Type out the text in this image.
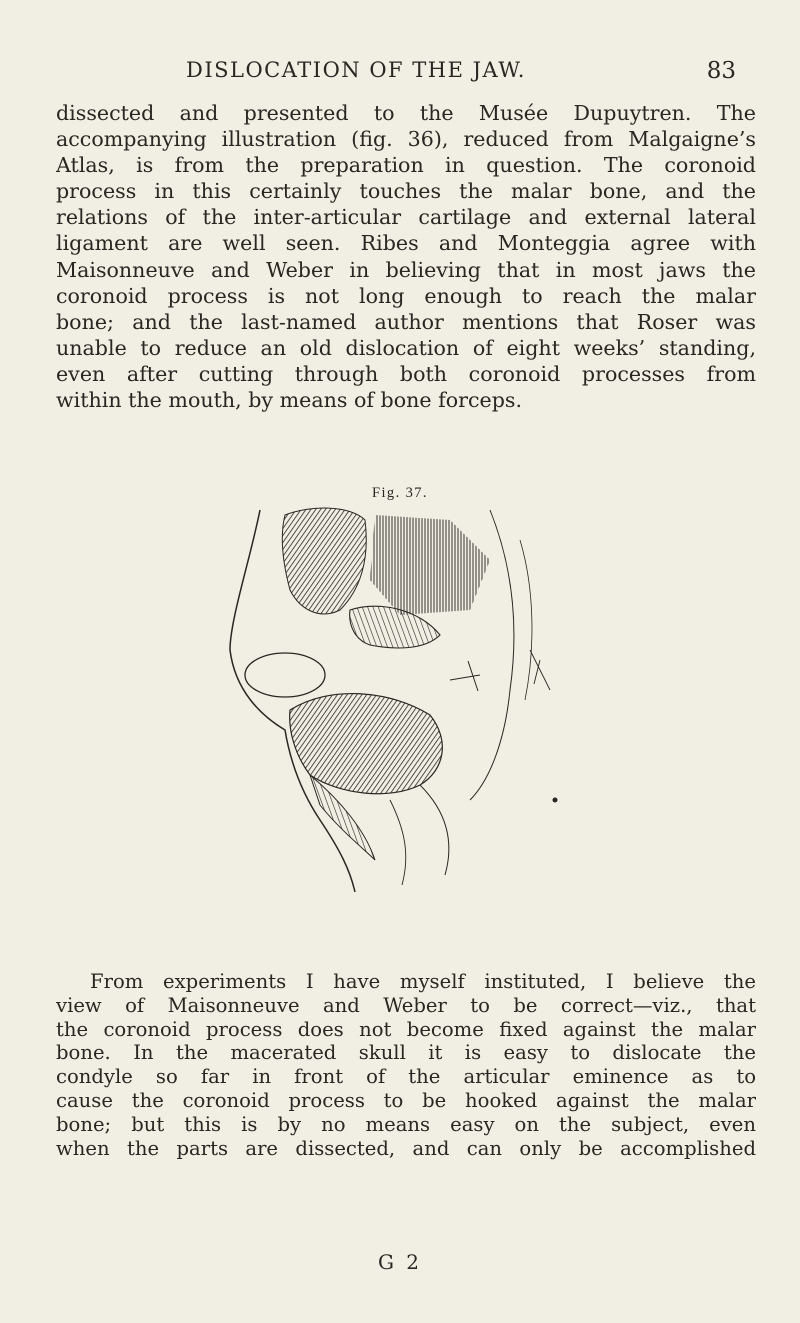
DISLOCATION OF THE JAW.	83
dissected and presented to the Musée Dupuytren. The
accompanying illustration (fig. 36), reduced from Malgaigne’s
Atlas, is from the preparation in question. The coronoid
process in this certainly touches the malar bone, and the
relations of the inter-articular cartilage and external lateral
ligament are well seen. Ribes and Monteggia agree with
Maisonneuve and Weber in believing that in most jaws the
coronoid process is not long enough to reach the malar
bone; and the last-named author mentions that Roser was
unable to reduce an old dislocation of eight weeks’ standing,
even after cutting through both coronoid processes from
within the mouth, by means of bone forceps.
Fig. 37.
From experiments I have myself instituted, I believe the
view of Maisonneuve and Weber to be correct—viz., that
the coronoid process does not become fixed against the malar
bone. In the macerated skull it is easy to dislocate the
condyle so far in front of the articular eminence as to
cause the coronoid process to be hooked against the malar
bone; but this is by no means easy on the subject, even
when the parts are dissected, and can only be accomplished
G 2
